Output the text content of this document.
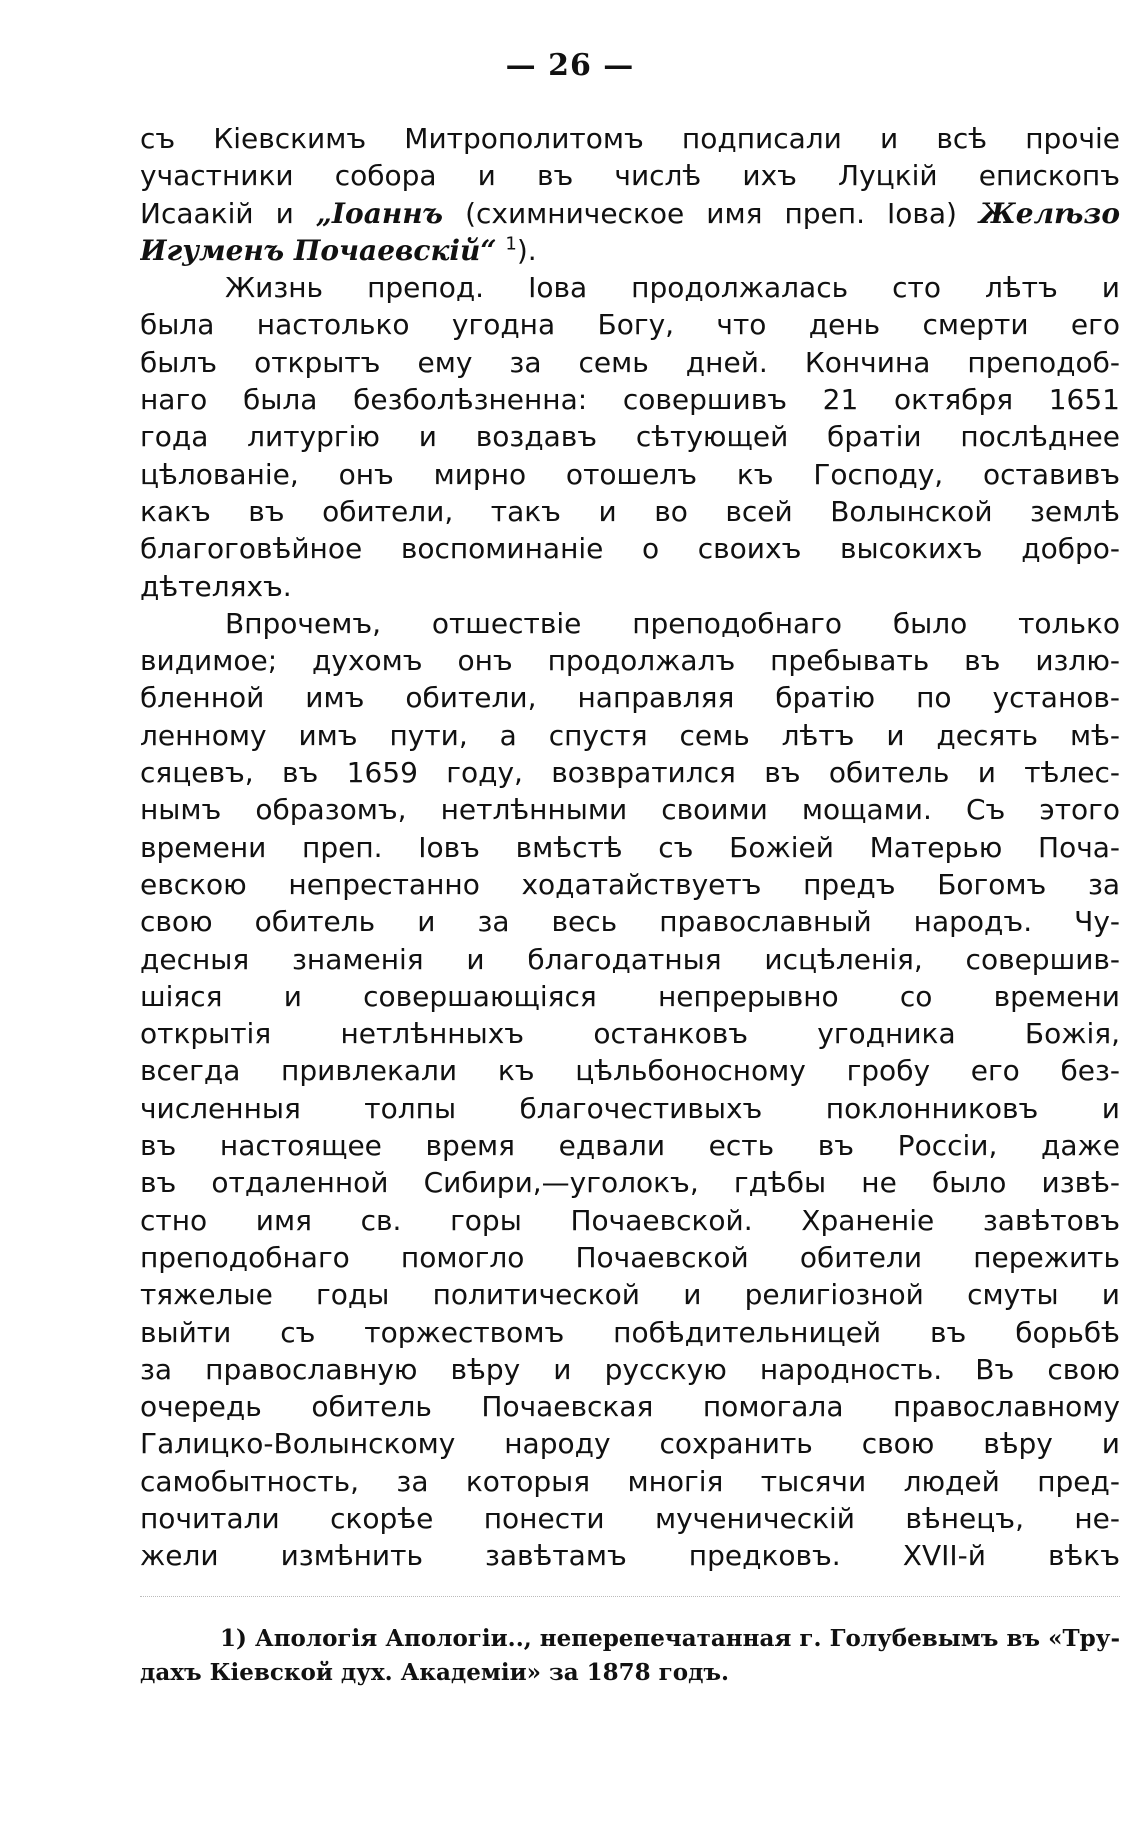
— 26 —
съ Кіевскимъ Митрополитомъ подписали и всѣ прочіе
участники собора и въ числѣ ихъ Луцкій епископъ
Исаакій и „Іоаннъ (схимническое имя преп. Іова) Желѣзо
Игуменъ Почаевскій“ $^1$).
Жизнь препод. Іова продолжалась сто лѣтъ и
была настолько угодна Богу, что день смерти его
былъ открытъ ему за семь дней. Кончина преподоб-
наго была безболѣзненна: совершивъ 21 октября 1651
года литургію и воздавъ сѣтующей братіи послѣднее
цѣлованіе, онъ мирно отошелъ къ Господу, оставивъ
какъ въ обители, такъ и во всей Волынской землѣ
благоговѣйное воспоминаніе о своихъ высокихъ добро-
дѣтеляхъ.
Впрочемъ, отшествіе преподобнаго было только
видимое; духомъ онъ продолжалъ пребывать въ излю-
бленной имъ обители, направляя братію по установ-
ленному имъ пути, а спустя семь лѣтъ и десять мѣ-
сяцевъ, въ 1659 году, возвратился въ обитель и тѣлес-
нымъ образомъ, нетлѣнными своими мощами. Съ этого
времени преп. Іовъ вмѣстѣ съ Божіей Матерью Почa-
евскою непрестанно ходатайствуетъ предъ Богомъ за
свою обитель и за весь православный народъ. Чу-
десныя знаменія и благодатныя исцѣленія, совершив-
шіяся и совершающіяся непрерывно со времени
открытія нетлѣнныхъ останковъ угодника Божія,
всегда привлекали къ цѣльбоносному гробу его без-
численныя толпы благочестивыхъ поклонниковъ и
въ настоящее время едвали есть въ Россіи, даже
въ отдаленной Сибири,—уголокъ, гдѣбы не было извѣ-
стно имя св. горы Почаевской. Храненіе завѣтовъ
преподобнаго помогло Почаевской обители пережить
тяжелые годы политической и религіозной смуты и
выйти съ торжествомъ побѣдительницей въ борьбѣ
за православную вѣру и русскую народность. Въ свою
очередь обитель Почаевская помогала православному
Галицко-Волынскому народу сохранить свою вѣру и
самобытность, за которыя многія тысячи людей пред-
почитали скорѣе понести мученическій вѣнецъ, не-
жели измѣнить завѣтамъ предковъ. XVII-й вѣкъ
1) Апологія Апологіи.., неперепечатанная г. Голубевымъ въ «Тру-
дахъ Кіевской дух. Академіи» за 1878 годъ.
